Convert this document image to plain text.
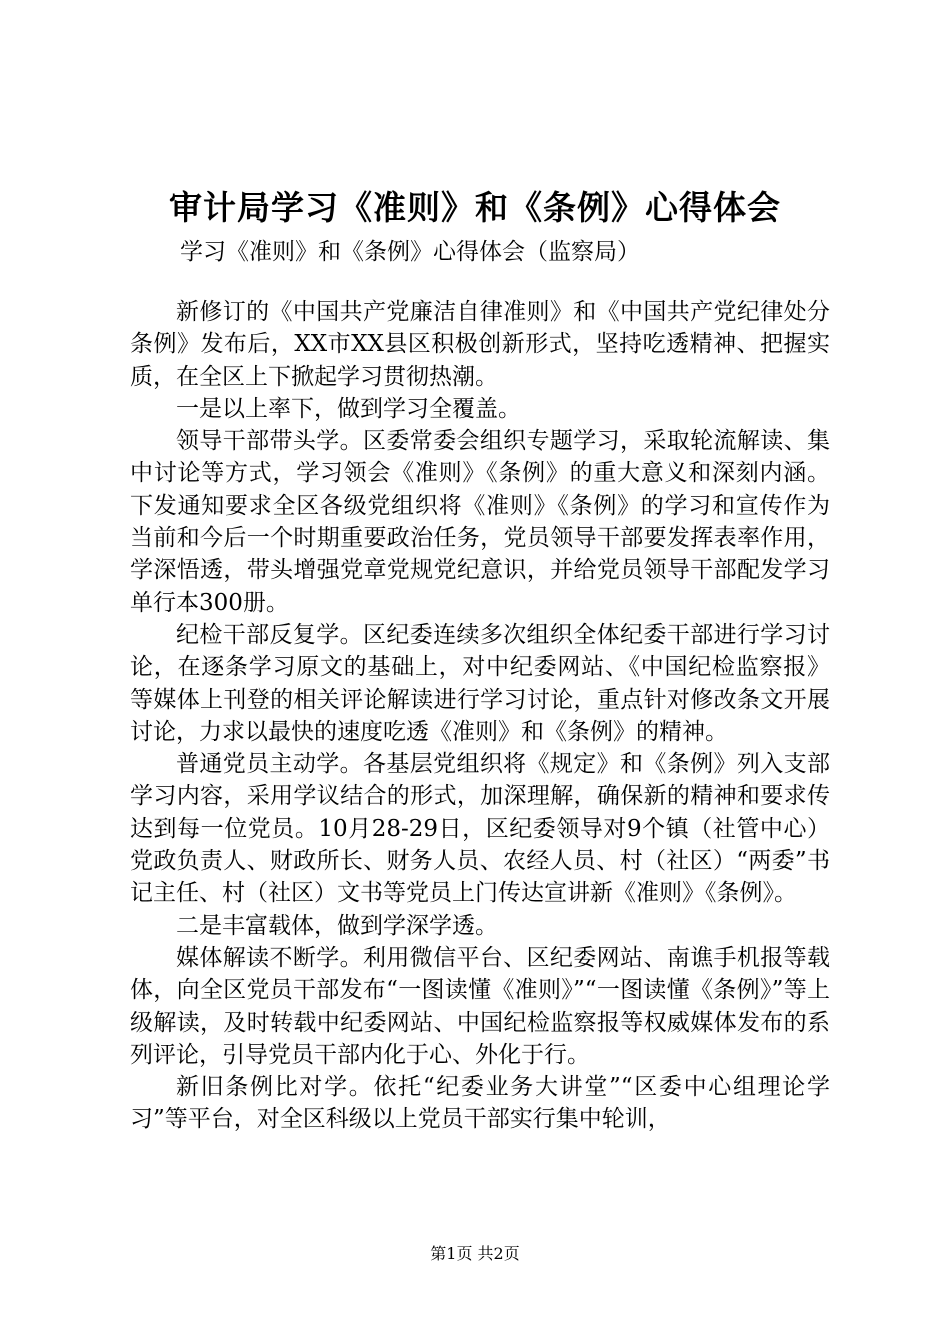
审计局学习《准则》和《条例》心得体会

学习《准则》和《条例》心得体会（监察局）

新修订的《中国共产党廉洁自律准则》和《中国共产党纪律处分条例》发布后，XX市XX县区积极创新形式，坚持吃透精神、把握实质，在全区上下掀起学习贯彻热潮。

一是以上率下，做到学习全覆盖。

领导干部带头学。区委常委会组织专题学习，采取轮流解读、集中讨论等方式，学习领会《准则》《条例》的重大意义和深刻内涵。下发通知要求全区各级党组织将《准则》《条例》的学习和宣传作为当前和今后一个时期重要政治任务，党员领导干部要发挥表率作用，学深悟透，带头增强党章党规党纪意识，并给党员领导干部配发学习单行本300册。

纪检干部反复学。区纪委连续多次组织全体纪委干部进行学习讨论，在逐条学习原文的基础上，对中纪委网站、《中国纪检监察报》等媒体上刊登的相关评论解读进行学习讨论，重点针对修改条文开展讨论，力求以最快的速度吃透《准则》和《条例》的精神。

普通党员主动学。各基层党组织将《规定》和《条例》列入支部学习内容，采用学议结合的形式，加深理解，确保新的精神和要求传达到每一位党员。10月28-29日，区纪委领导对9个镇（社管中心）党政负责人、财政所长、财务人员、农经人员、村（社区）“两委”书记主任、村（社区）文书等党员上门传达宣讲新《准则》《条例》。

二是丰富载体，做到学深学透。

媒体解读不断学。利用微信平台、区纪委网站、南谯手机报等载体，向全区党员干部发布“一图读懂《准则》”“一图读懂《条例》”等上级解读，及时转载中纪委网站、中国纪检监察报等权威媒体发布的系列评论，引导党员干部内化于心、外化于行。

新旧条例比对学。依托“纪委业务大讲堂”“区委中心组理论学习”等平台，对全区科级以上党员干部实行集中轮训，

第1页 共2页
